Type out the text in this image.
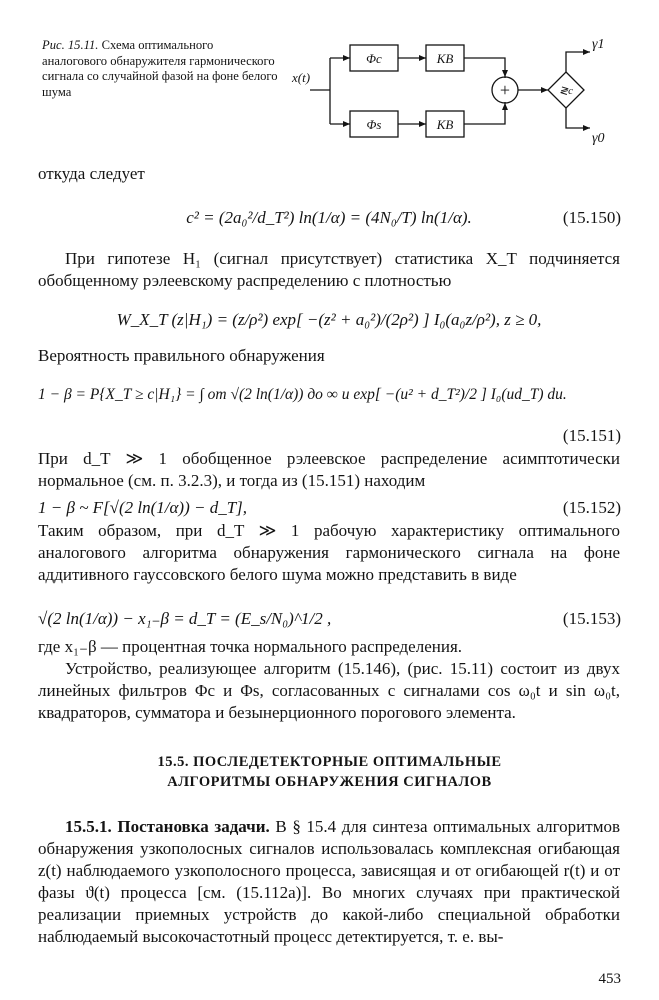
Рис. 15.11. Схема оптимального аналогового обнаружителя гармонического сигнала со случайной фазой на фоне белого шума
x(t)
Φc
Φs
KB
KB
+	≷c
γ1
γ0
откуда следует
c² = (2a₀²/d_T²) ln(1/α) = (4N₀/T) ln(1/α).	(15.150)
При гипотезе H₁ (сигнал присутствует) статистика X_T подчиняется обобщенному рэлеевскому распределению с плотностью
W_X_T (z|H₁) = (z/ρ²) exp[ −(z² + a₀²)/(2ρ²) ] I₀(a₀z/ρ²), z ≥ 0,
Вероятность правильного обнаружения
1 − β = P{X_T ≥ c|H₁} = ∫ от √(2 ln(1/α)) до ∞ u exp[ −(u² + d_T²)/2 ] I₀(ud_T) du.
(15.151)
При d_T ≫ 1 обобщенное рэлеевское распределение асимптотически нормальное (см. п. 3.2.3), и тогда из (15.151) находим
1 − β ~ F[√(2 ln(1/α)) − d_T],	(15.152)
Таким образом, при d_T ≫ 1 рабочую характеристику оптимального аналогового алгоритма обнаружения гармонического сигнала на фоне аддитивного гауссовского белого шума можно представить в виде
√(2 ln(1/α)) − x₁₋β = d_T = (E_s/N₀)^1/2 ,	(15.153)
где x₁₋β — процентная точка нормального распределения.
Устройство, реализующее алгоритм (15.146), (рис. 15.11) состоит из двух линейных фильтров Φc и Φs, согласованных с сигналами cos ω₀t и sin ω₀t, квадраторов, сумматора и безынерционного порогового элемента.
15.5. ПОСЛЕДЕТЕКТОРНЫЕ ОПТИМАЛЬНЫЕ
АЛГОРИТМЫ ОБНАРУЖЕНИЯ СИГНАЛОВ
15.5.1. Постановка задачи. В § 15.4 для синтеза оптимальных алгоритмов обнаружения узкополосных сигналов использовалась комплексная огибающая z(t) наблюдаемого узкополосного процесса, зависящая и от огибающей r(t) и от фазы ϑ(t) процесса [см. (15.112a)]. Во многих случаях при практической реализации приемных устройств до какой-либо специальной обработки наблюдаемый высокочастотный процесс детектируется, т. е. вы-
453
